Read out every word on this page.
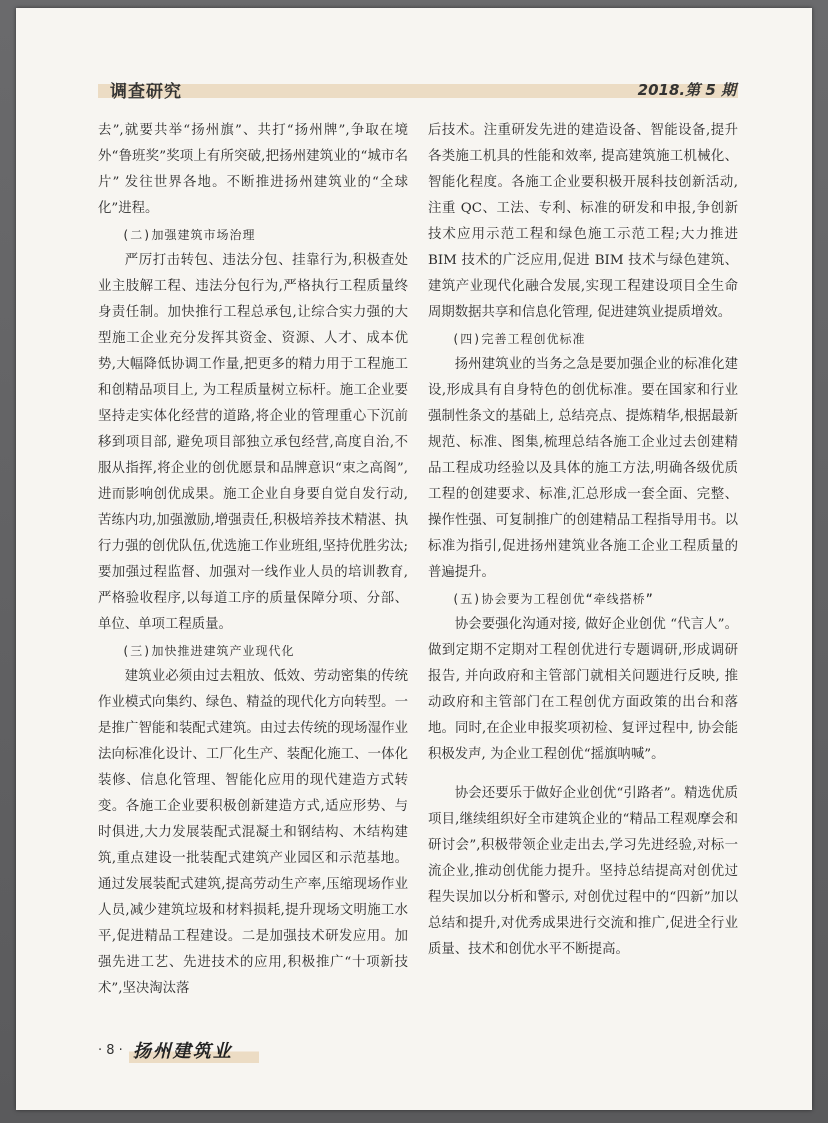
调查研究	2018.第 5 期

去”,就要共举“扬州旗”、共打“扬州牌”,争取在境外“鲁班奖”奖项上有所突破,把扬州建筑业的“城市名片” 发往世界各地。不断推进扬州建筑业的“全球化”进程。

(二)加强建筑市场治理

严厉打击转包、违法分包、挂靠行为,积极查处业主肢解工程、违法分包行为,严格执行工程质量终身责任制。加快推行工程总承包,让综合实力强的大型施工企业充分发挥其资金、资源、人才、成本优势,大幅降低协调工作量,把更多的精力用于工程施工和创精品项目上, 为工程质量树立标杆。施工企业要坚持走实体化经营的道路,将企业的管理重心下沉前移到项目部, 避免项目部独立承包经营,高度自治,不服从指挥,将企业的创优愿景和品牌意识“束之高阁”,进而影响创优成果。施工企业自身要自觉自发行动,苦练内功,加强激励,增强责任,积极培养技术精湛、执行力强的创优队伍,优选施工作业班组,坚持优胜劣汰;要加强过程监督、加强对一线作业人员的培训教育,严格验收程序,以每道工序的质量保障分项、分部、单位、单项工程质量。

(三)加快推进建筑产业现代化

建筑业必须由过去粗放、低效、劳动密集的传统作业模式向集约、绿色、精益的现代化方向转型。一是推广智能和装配式建筑。由过去传统的现场湿作业法向标准化设计、工厂化生产、装配化施工、一体化装修、信息化管理、智能化应用的现代建造方式转变。各施工企业要积极创新建造方式,适应形势、与时俱进,大力发展装配式混凝土和钢结构、木结构建筑,重点建设一批装配式建筑产业园区和示范基地。通过发展装配式建筑,提高劳动生产率,压缩现场作业人员,减少建筑垃圾和材料损耗,提升现场文明施工水平,促进精品工程建设。二是加强技术研发应用。加强先进工艺、先进技术的应用,积极推广“十项新技术”,坚决淘汰落

后技术。注重研发先进的建造设备、智能设备,提升各类施工机具的性能和效率, 提高建筑施工机械化、智能化程度。各施工企业要积极开展科技创新活动,注重 QC、工法、专利、标准的研发和申报,争创新技术应用示范工程和绿色施工示范工程;大力推进 BIM 技术的广泛应用,促进 BIM 技术与绿色建筑、建筑产业现代化融合发展,实现工程建设项目全生命周期数据共享和信息化管理, 促进建筑业提质增效。

(四)完善工程创优标准

扬州建筑业的当务之急是要加强企业的标准化建设,形成具有自身特色的创优标准。要在国家和行业强制性条文的基础上, 总结亮点、提炼精华,根据最新规范、标准、图集,梳理总结各施工企业过去创建精品工程成功经验以及具体的施工方法,明确各级优质工程的创建要求、标准,汇总形成一套全面、完整、操作性强、可复制推广的创建精品工程指导用书。以标准为指引,促进扬州建筑业各施工企业工程质量的普遍提升。

(五)协会要为工程创优“牵线搭桥”

协会要强化沟通对接, 做好企业创优 “代言人”。做到定期不定期对工程创优进行专题调研,形成调研报告, 并向政府和主管部门就相关问题进行反映, 推动政府和主管部门在工程创优方面政策的出台和落地。同时,在企业申报奖项初检、复评过程中, 协会能积极发声, 为企业工程创优“摇旗呐喊”。

协会还要乐于做好企业创优“引路者”。精选优质项目,继续组织好全市建筑企业的“精品工程观摩会和研讨会”,积极带领企业走出去,学习先进经验,对标一流企业,推动创优能力提升。坚持总结提高对创优过程失误加以分析和警示, 对创优过程中的“四新”加以总结和提升,对优秀成果进行交流和推广,促进全行业质量、技术和创优水平不断提高。

· 8 · 扬州建筑业
